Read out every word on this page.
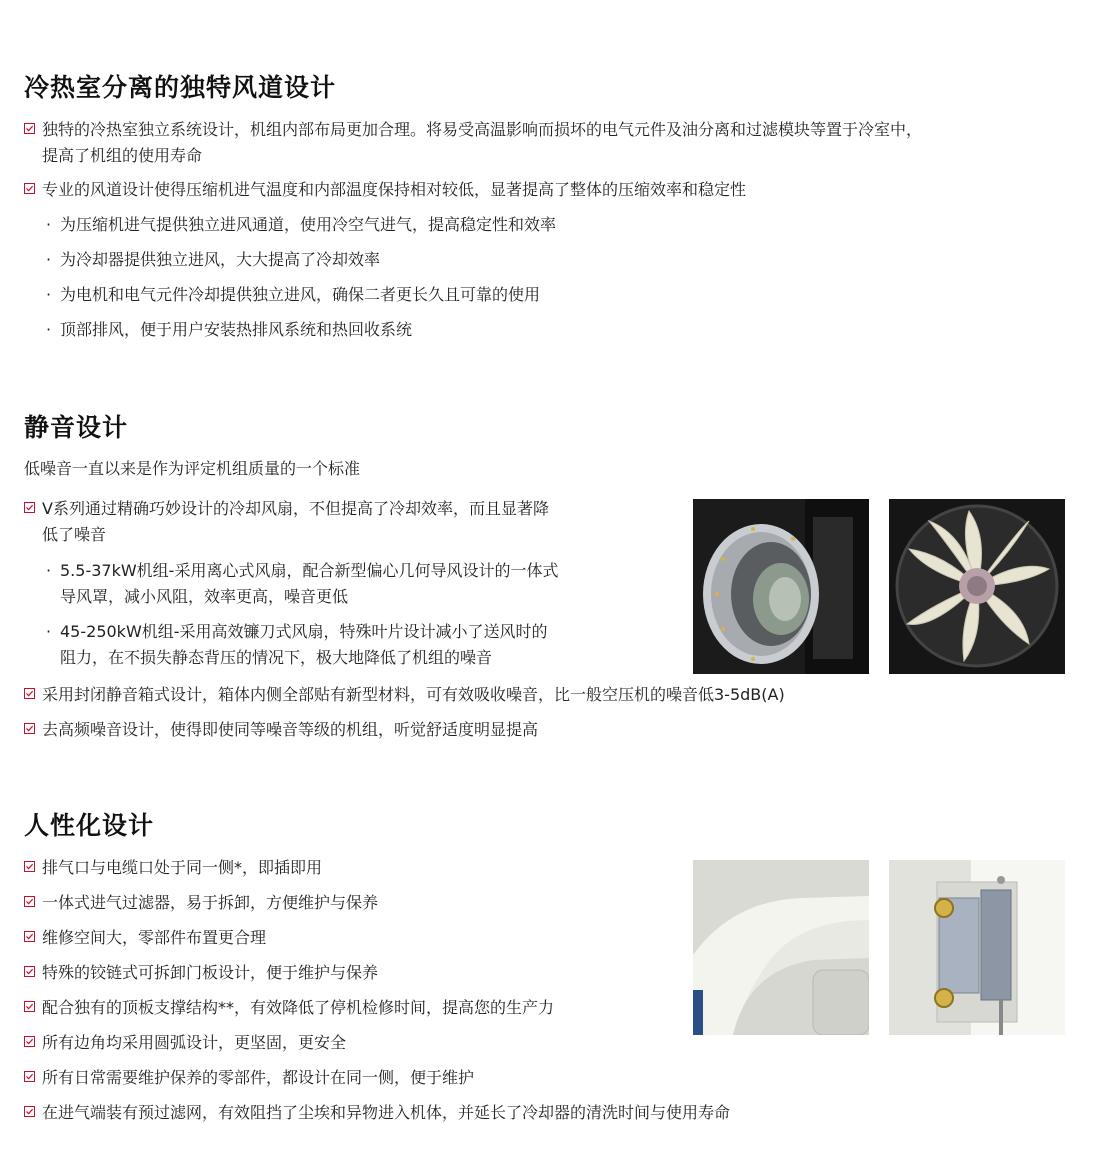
冷热室分离的独特风道设计
独特的冷热室独立系统设计，机组内部布局更加合理。将易受高温影响而损坏的电气元件及油分离和过滤模块等置于冷室中，
提高了机组的使用寿命
专业的风道设计使得压缩机进气温度和内部温度保持相对较低，显著提高了整体的压缩效率和稳定性
· 为压缩机进气提供独立进风通道，使用冷空气进气，提高稳定性和效率
· 为冷却器提供独立进风，大大提高了冷却效率
· 为电机和电气元件冷却提供独立进风，确保二者更长久且可靠的使用
· 顶部排风，便于用户安装热排风系统和热回收系统
静音设计
低噪音一直以来是作为评定机组质量的一个标准
V系列通过精确巧妙设计的冷却风扇，不但提高了冷却效率，而且显著降
低了噪音
· 5.5-37kW机组-采用离心式风扇，配合新型偏心几何导风设计的一体式
导风罩，减小风阻，效率更高，噪音更低
· 45-250kW机组-采用高效镰刀式风扇，特殊叶片设计减小了送风时的
阻力，在不损失静态背压的情况下，极大地降低了机组的噪音
采用封闭静音箱式设计，箱体内侧全部贴有新型材料，可有效吸收噪音，比一般空压机的噪音低3-5dB(A)
去高频噪音设计，使得即使同等噪音等级的机组，听觉舒适度明显提高
人性化设计
排气口与电缆口处于同一侧*，即插即用
一体式进气过滤器，易于拆卸，方便维护与保养
维修空间大，零部件布置更合理
特殊的铰链式可拆卸门板设计，便于维护与保养
配合独有的顶板支撑结构**，有效降低了停机检修时间，提高您的生产力
所有边角均采用圆弧设计，更坚固，更安全
所有日常需要维护保养的零部件，都设计在同一侧，便于维护
在进气端装有预过滤网，有效阻挡了尘埃和异物进入机体，并延长了冷却器的清洗时间与使用寿命
